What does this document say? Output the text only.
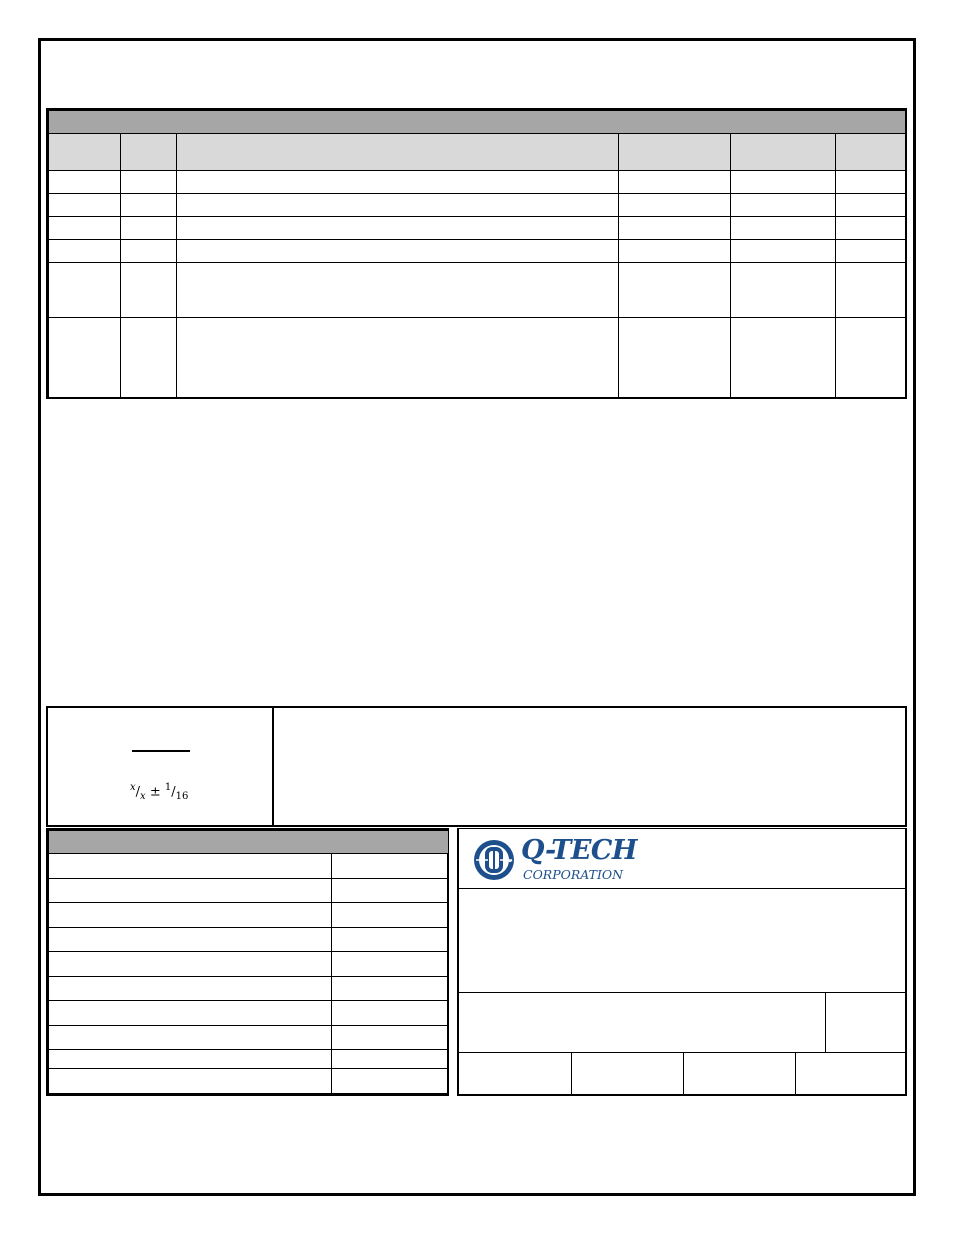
$^x/_x \pm ^1/_{16}$

Q-TECH
CORPORATION
